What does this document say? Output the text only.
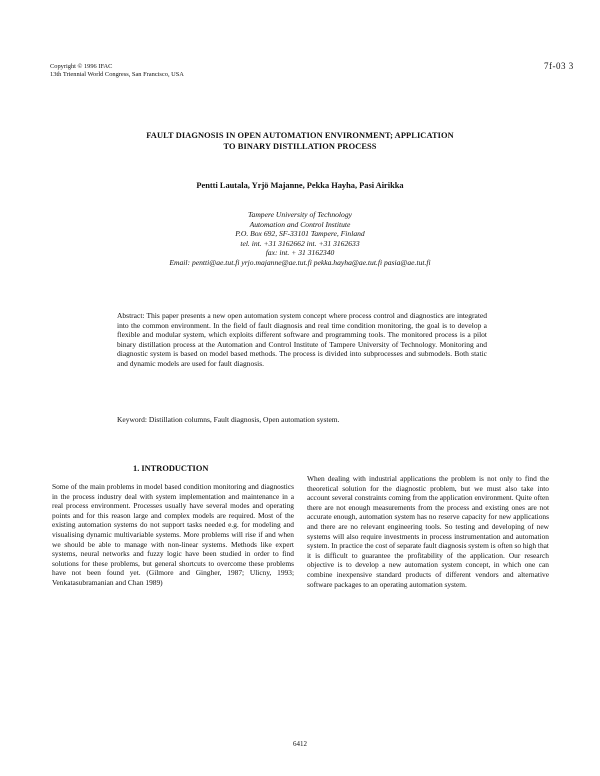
Copyright © 1996 IFAC
13th Triennial World Congress, San Francisco, USA
7f-03 3
FAULT DIAGNOSIS IN OPEN AUTOMATION ENVIRONMENT; APPLICATION
TO BINARY DISTILLATION PROCESS
Pentti Lautala, Yrjö Majanne, Pekka Hayha, Pasi Airikka
Tampere University of Technology
Automation and Control Institute
P.O. Box 692, SF-33101 Tampere, Finland
tel. int. +31 3162662 int. +31 3162633
fax: int. + 31 3162340
Email: pentti@ae.tut.fi yrjo.majanne@ae.tut.fi pekka.hayha@ae.tut.fi pasia@ae.tut.fi
Abstract: This paper presents a new open automation system concept where process control and diagnostics are integrated into the common environment. In the field of fault diagnosis and real time condition monitoring, the goal is to develop a flexible and modular system, which exploits different software and programming tools. The monitored process is a pilot binary distillation process at the Automation and Control Institute of Tampere University of Technology. Monitoring and diagnostic system is based on model based methods. The process is divided into subprocesses and submodels. Both static and dynamic models are used for fault diagnosis.
Keyword: Distillation columns, Fault diagnosis, Open automation system.
1. INTRODUCTION
Some of the main problems in model based condition monitoring and diagnostics in the process industry deal with system implementation and maintenance in a real process environment. Processes usually have several modes and operating points and for this reason large and complex models are required. Most of the existing automation systems do not support tasks needed e.g. for modeling and visualising dynamic multivariable systems. More problems will rise if and when we should be able to manage with non-linear systems. Methods like expert systems, neural networks and fuzzy logic have been studied in order to find solutions for these problems, but general shortcuts to overcome these problems have not been found yet. (Gilmore and Gingher, 1987; Ulicny, 1993; Venkatasubramanian and Chan 1989)
When dealing with industrial applications the problem is not only to find the theoretical solution for the diagnostic problem, but we must also take into account several constraints coming from the application environment. Quite often there are not enough measurements from the process and existing ones are not accurate enough, automation system has no reserve capacity for new applications and there are no relevant engineering tools. So testing and developing of new systems will also require investments in process instrumentation and automation system. In practice the cost of separate fault diagnosis system is often so high that it is difficult to guarantee the profitability of the application. Our research objective is to develop a new automation system concept, in which one can combine inexpensive standard products of different vendors and alternative software packages to an operating automation system.
6412
